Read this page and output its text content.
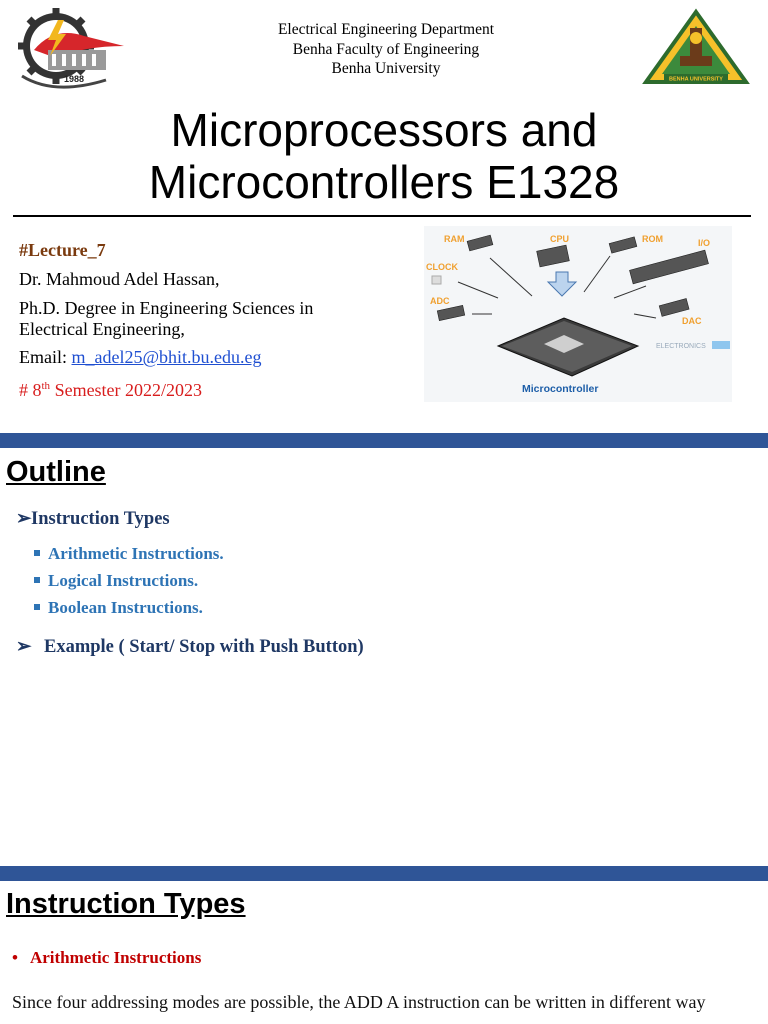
1988
Electrical Engineering Department
Benha Faculty of Engineering
Benha University
BENHA UNIVERSITY
Microprocessors and
Microcontrollers E1328
#Lecture_7
Dr. Mahmoud Adel Hassan,
Ph.D. Degree in Engineering Sciences in
Electrical Engineering,
Email: m_adel25@bhit.bu.edu.eg
# 8th Semester 2022/2023
RAM	CPU	ROM	I/O
CLOCK
ADC
DAC
ELECTRONICS
Microcontroller
Outline
➢Instruction Types
Arithmetic Instructions.
Logical Instructions.
Boolean Instructions.
➢ Example ( Start/ Stop with Push Button)
Instruction Types
• Arithmetic Instructions
Since four addressing modes are possible, the ADD A instruction can be written in different way
